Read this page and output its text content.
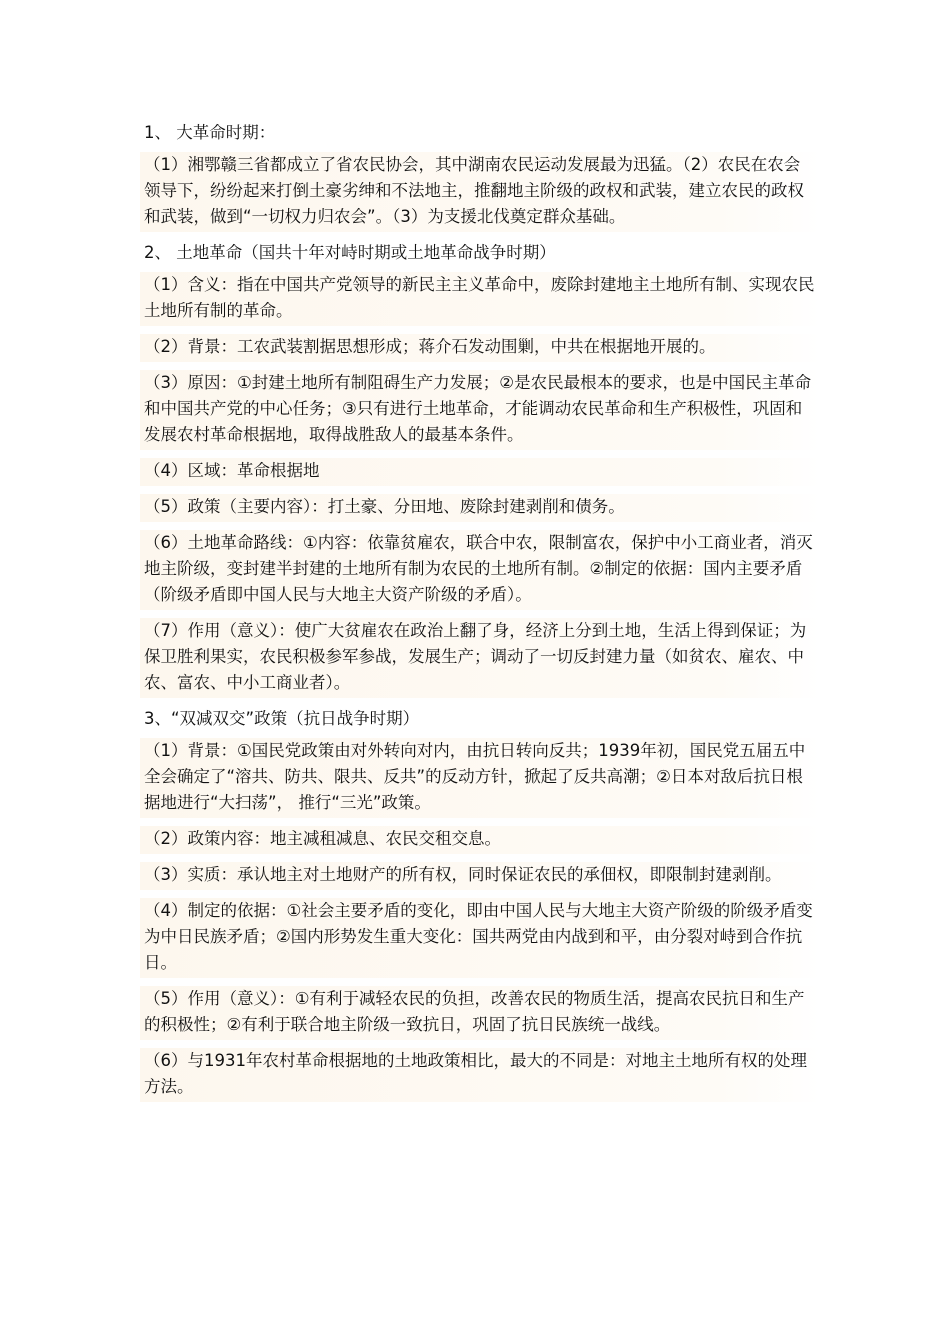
1、 大革命时期：
（1）湘鄂赣三省都成立了省农民协会，其中湖南农民运动发展最为迅猛。（2）农民在农会领导下，纷纷起来打倒土豪劣绅和不法地主，推翻地主阶级的政权和武装，建立农民的政权和武装，做到“一切权力归农会”。（3）为支援北伐奠定群众基础。
2、 土地革命（国共十年对峙时期或土地革命战争时期）
（1）含义：指在中国共产党领导的新民主主义革命中，废除封建地主土地所有制、实现农民土地所有制的革命。
（2）背景：工农武装割据思想形成；蒋介石发动围剿，中共在根据地开展的。
（3）原因：①封建土地所有制阻碍生产力发展；②是农民最根本的要求，也是中国民主革命和中国共产党的中心任务；③只有进行土地革命，才能调动农民革命和生产积极性，巩固和发展农村革命根据地，取得战胜敌人的最基本条件。
（4）区域：革命根据地
（5）政策（主要内容）：打土豪、分田地、废除封建剥削和债务。
（6）土地革命路线：①内容：依靠贫雇农，联合中农，限制富农，保护中小工商业者，消灭地主阶级，变封建半封建的土地所有制为农民的土地所有制。②制定的依据：国内主要矛盾（阶级矛盾即中国人民与大地主大资产阶级的矛盾）。
（7）作用（意义）：使广大贫雇农在政治上翻了身，经济上分到土地，生活上得到保证；为保卫胜利果实，农民积极参军参战，发展生产；调动了一切反封建力量（如贫农、雇农、中农、富农、中小工商业者）。
3、“双减双交”政策（抗日战争时期）
（1）背景：①国民党政策由对外转向对内，由抗日转向反共；1939年初，国民党五届五中全会确定了“溶共、防共、限共、反共”的反动方针，掀起了反共高潮；②日本对敌后抗日根据地进行“大扫荡”， 推行“三光”政策。
（2）政策内容：地主减租减息、农民交租交息。
（3）实质：承认地主对土地财产的所有权，同时保证农民的承佃权，即限制封建剥削。
（4）制定的依据：①社会主要矛盾的变化，即由中国人民与大地主大资产阶级的阶级矛盾变为中日民族矛盾；②国内形势发生重大变化：国共两党由内战到和平，由分裂对峙到合作抗日。
（5）作用（意义）：①有利于减轻农民的负担，改善农民的物质生活，提高农民抗日和生产的积极性；②有利于联合地主阶级一致抗日，巩固了抗日民族统一战线。
（6）与1931年农村革命根据地的土地政策相比，最大的不同是：对地主土地所有权的处理方法。
